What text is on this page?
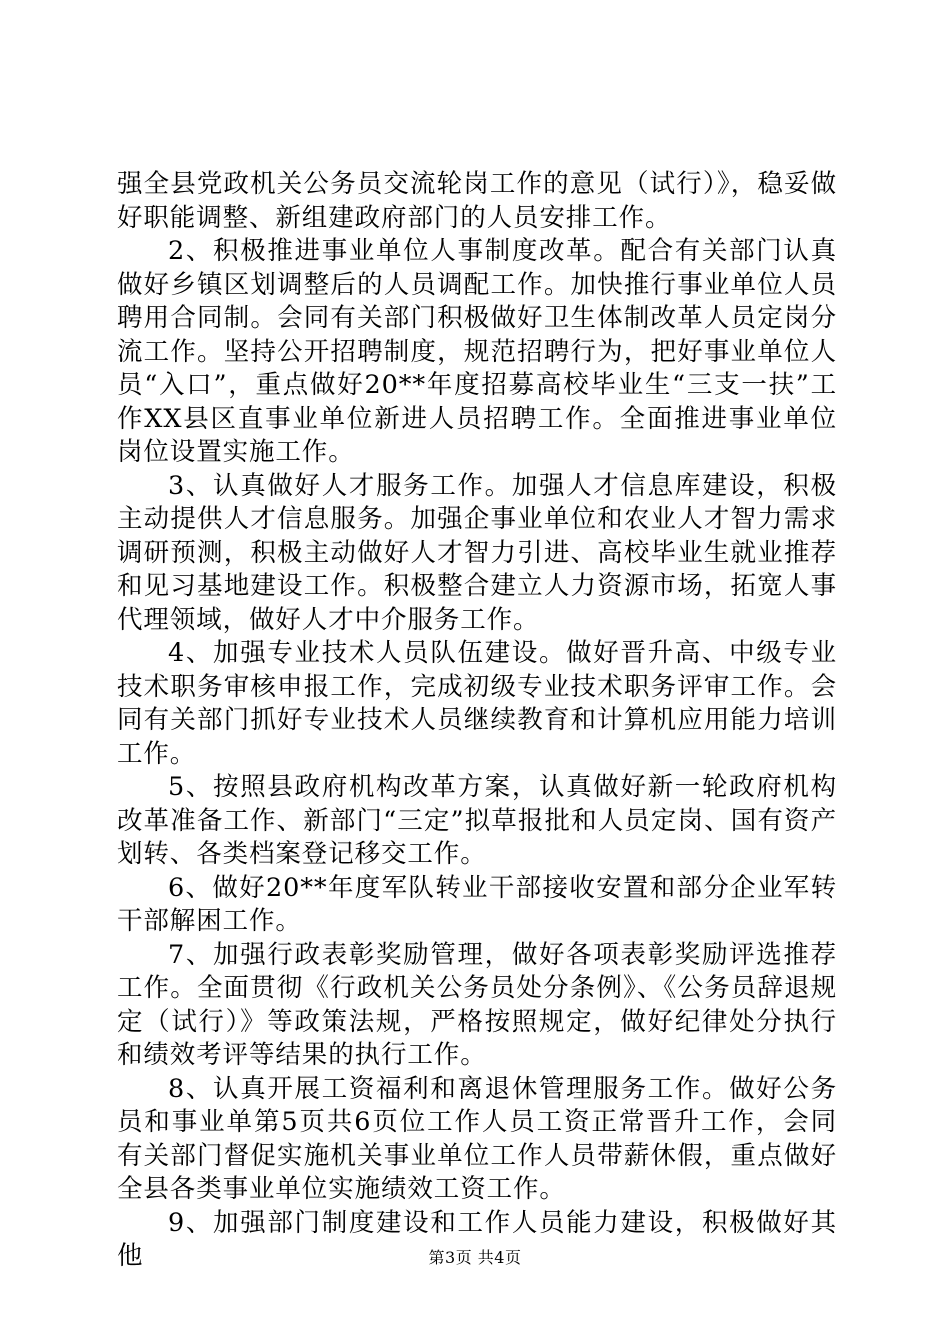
强全县党政机关公务员交流轮岗工作的意见（试行）》，稳妥做好职能调整、新组建政府部门的人员安排工作。

2、积极推进事业单位人事制度改革。配合有关部门认真做好乡镇区划调整后的人员调配工作。加快推行事业单位人员聘用合同制。会同有关部门积极做好卫生体制改革人员定岗分流工作。坚持公开招聘制度，规范招聘行为，把好事业单位人员“入口”，重点做好20**年度招募高校毕业生“三支一扶”工作XX县区直事业单位新进人员招聘工作。全面推进事业单位岗位设置实施工作。

3、认真做好人才服务工作。加强人才信息库建设，积极主动提供人才信息服务。加强企事业单位和农业人才智力需求调研预测，积极主动做好人才智力引进、高校毕业生就业推荐和见习基地建设工作。积极整合建立人力资源市场，拓宽人事代理领域，做好人才中介服务工作。

4、加强专业技术人员队伍建设。做好晋升高、中级专业技术职务审核申报工作，完成初级专业技术职务评审工作。会同有关部门抓好专业技术人员继续教育和计算机应用能力培训工作。

5、按照县政府机构改革方案，认真做好新一轮政府机构改革准备工作、新部门“三定”拟草报批和人员定岗、国有资产划转、各类档案登记移交工作。

6、做好20**年度军队转业干部接收安置和部分企业军转干部解困工作。

7、加强行政表彰奖励管理，做好各项表彰奖励评选推荐工作。全面贯彻《行政机关公务员处分条例》、《公务员辞退规定（试行）》等政策法规，严格按照规定，做好纪律处分执行和绩效考评等结果的执行工作。

8、认真开展工资福利和离退休管理服务工作。做好公务员和事业单第5页共6页位工作人员工资正常晋升工作，会同有关部门督促实施机关事业单位工作人员带薪休假，重点做好全县各类事业单位实施绩效工资工作。

9、加强部门制度建设和工作人员能力建设，积极做好其他	第3页 共4页
